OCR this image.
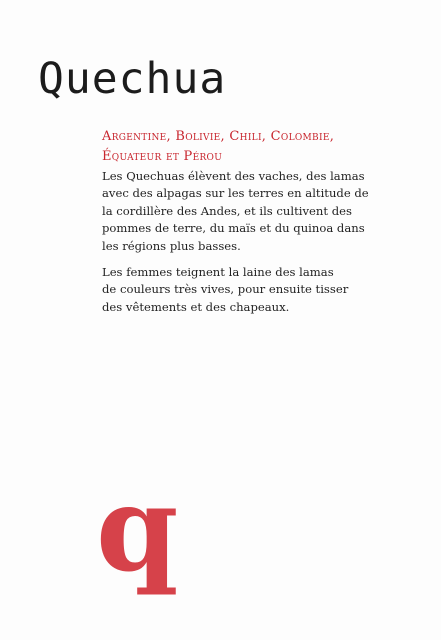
Quechua
Argentine, Bolivie, Chili, Colombie,
Équateur et Pérou

Les Quechuas élèvent des vaches, des lamas
avec des alpagas sur les terres en altitude de
la cordillère des Andes, et ils cultivent des
pommes de terre, du maïs et du quinoa dans
les régions plus basses.

Les femmes teignent la laine des lamas
de couleurs très vives, pour ensuite tisser
des vêtements et des chapeaux.

q
